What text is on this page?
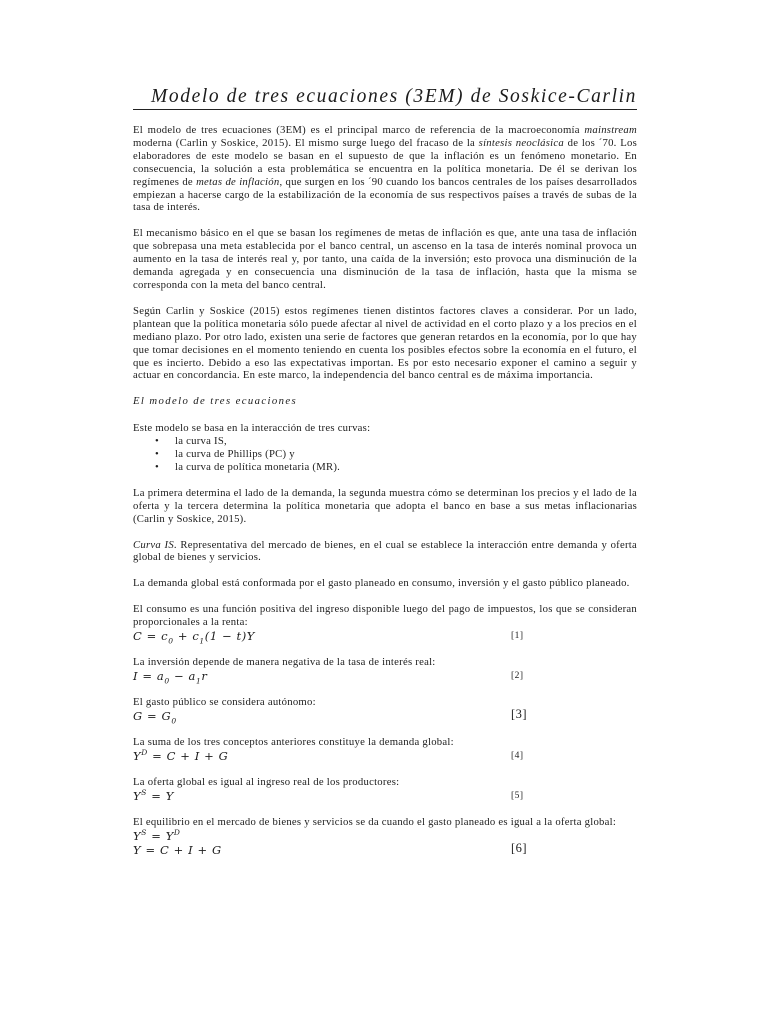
Modelo de tres ecuaciones (3EM) de Soskice-Carlin

El modelo de tres ecuaciones (3EM) es el principal marco de referencia de la macroeconomía mainstream moderna (Carlin y Soskice, 2015). El mismo surge luego del fracaso de la síntesis neoclásica de los ´70. Los elaboradores de este modelo se basan en el supuesto de que la inflación es un fenómeno monetario. En consecuencia, la solución a esta problemática se encuentra en la política monetaria. De él se derivan los regímenes de metas de inflación, que surgen en los ´90 cuando los bancos centrales de los países desarrollados empiezan a hacerse cargo de la estabilización de la economía de sus respectivos países a través de subas de la tasa de interés.

El mecanismo básico en el que se basan los regímenes de metas de inflación es que, ante una tasa de inflación que sobrepasa una meta establecida por el banco central, un ascenso en la tasa de interés nominal provoca un aumento en la tasa de interés real y, por tanto, una caída de la inversión; esto provoca una disminución de la demanda agregada y en consecuencia una disminución de la tasa de inflación, hasta que la misma se corresponda con la meta del banco central.

Según Carlin y Soskice (2015) estos regímenes tienen distintos factores claves a considerar. Por un lado, plantean que la política monetaria sólo puede afectar al nivel de actividad en el corto plazo y a los precios en el mediano plazo. Por otro lado, existen una serie de factores que generan retardos en la economía, por lo que hay que tomar decisiones en el momento teniendo en cuenta los posibles efectos sobre la economía en el futuro, el que es incierto. Debido a eso las expectativas importan. Es por esto necesario exponer el camino a seguir y actuar en concordancia. En este marco, la independencia del banco central es de máxima importancia.

El modelo de tres ecuaciones

Este modelo se basa en la interacción de tres curvas:

• la curva IS,
• la curva de Phillips (PC) y
• la curva de política monetaria (MR).

La primera determina el lado de la demanda, la segunda muestra cómo se determinan los precios y el lado de la oferta y la tercera determina la política monetaria que adopta el banco en base a sus metas inflacionarias (Carlin y Soskice, 2015).

Curva IS. Representativa del mercado de bienes, en el cual se establece la interacción entre demanda y oferta global de bienes y servicios.

La demanda global está conformada por el gasto planeado en consumo, inversión y el gasto público planeado.

El consumo es una función positiva del ingreso disponible luego del pago de impuestos, los que se consideran proporcionales a la renta:

$C = c_0 + c_1(1 - t)Y$	[1]

La inversión depende de manera negativa de la tasa de interés real:

$I = a_0 - a_1r$	[2]

El gasto público se considera autónomo:

$G = G_0$	[3]

La suma de los tres conceptos anteriores constituye la demanda global:

$Y^D = C + I + G$	[4]

La oferta global es igual al ingreso real de los productores:

$Y^S = Y$	[5]

El equilibrio en el mercado de bienes y servicios se da cuando el gasto planeado es igual a la oferta global:

$Y^S = Y^D$
Y = C + I + G	[6]
